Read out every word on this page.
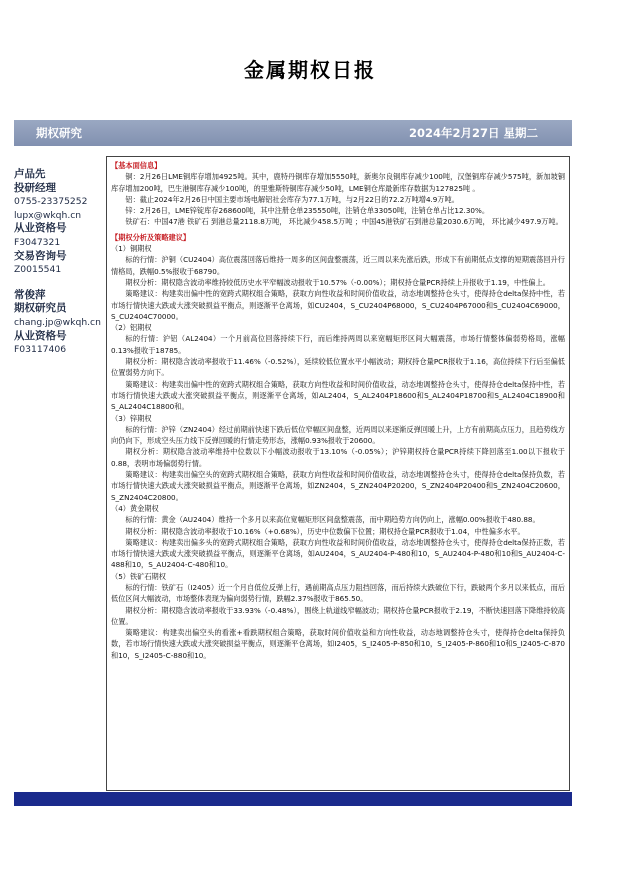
金属期权日报
期权研究	2024年2月27日 星期二
卢品先
投研经理
0755-23375252
lupx@wkqh.cn
从业资格号
F3047321
交易咨询号
Z0015541
常俊萍
期权研究员
chang.jp@wkqh.cn
从业资格号
F03117406

【基本面信息】

铜：2月26日LME铜库存增加4925吨。其中，鹿特丹铜库存增加5550吨，新奥尔良铜库存减少100吨，汉堡铜库存减少575吨，新加坡铜库存增加200吨，巴生港铜库存减少100吨，的里雅斯特铜库存减少50吨，LME铜仓库最新库存数据为127825吨 。

铝：截止2024年2月26日中国主要市场电解铝社会库存为77.1万吨，与2月22日的72.2万吨增4.9万吨。

锌：2月26日，LME锌锭库存268600吨，其中注册仓单235550吨，注销仓单33050吨，注销仓单占比12.30%。

铁矿石：中国47港 铁矿石 到港总量2118.8万吨， 环比减少458.5万吨 ；中国45港铁矿石到港总量2030.6万吨， 环比减少497.9万吨。

【期权分析及策略建议】

（1）铜期权

标的行情：沪铜（CU2404）高位震荡回落后维持一周多的区间盘整震荡，近三周以来先涨后跌，形成下有前期低点支撑的短期震荡回升行情格局，跌幅0.5%报收于68790。

期权分析：期权隐含波动率维持较低历史水平窄幅波动报收于10.57%（-0.00%）；期权持仓量PCR持续上升报收于1.19，中性偏上。

策略建议：构建卖出偏中性的宽跨式期权组合策略，获取方向性收益和时间价值收益，动态地调整持仓头寸，使得持仓delta保持中性，若市场行情快速大跌或大涨突破损益平衡点，则逐渐平仓离场，如CU2404，S_CU2404P68000，S_CU2404P67000和S_CU2404C69000，S_CU2404C70000。

（2）铝期权

标的行情：沪铝（AL2404）一个月前高位回落持续下行，而后维持两周以来宽幅矩形区间大幅震荡，市场行情整体偏弱势格局，涨幅0.13%报收于18785。

期权分析：期权隐含波动率报收于11.46%（-0.52%），延续较低位置水平小幅波动；期权持仓量PCR报收于1.16，高位持续下行后至偏低位置弱势方向下。

策略建议：构建卖出偏中性的宽跨式期权组合策略，获取方向性收益和时间价值收益，动态地调整持仓头寸，使得持仓delta保持中性，若市场行情快速大跌或大涨突破损益平衡点，则逐渐平仓离场，如AL2404，S_AL2404P18600和S_AL2404P18700和S_AL2404C18900和S_AL2404C18800和。

（3）锌期权

标的行情：沪锌（ZN2404）经过前期前快速下跌后低位窄幅区间盘整，近两周以来逐渐反弹回暖上升，上方有前期高点压力，且趋势线方向仍向下，形成空头压力线下反弹回暖的行情走势形态，涨幅0.93%报收于20600。

期权分析：期权隐含波动率维持中位数以下小幅波动报收于13.10%（-0.05%）；沪锌期权持仓量PCR持续下降回落至1.00以下报收于0.88，表明市场偏弱势行情。

策略建议：构建卖出偏空头的宽跨式期权组合策略，获取方向性收益和时间价值收益，动态地调整持仓头寸，使得持仓delta保持负数，若市场行情快速大跌或大涨突破损益平衡点，则逐渐平仓离场，如ZN2404，S_ZN2404P20200，S_ZN2404P20400和S_ZN2404C20600，S_ZN2404C20800。

（4）黄金期权

标的行情：黄金（AU2404）维持一个多月以来高位宽幅矩形区间盘整震荡，而中期趋势方向仍向上，涨幅0.00%报收于480.88。

期权分析：期权隐含波动率报收于10.16%（+0.68%），历史中位数偏下位置；期权持仓量PCR报收于1.04，中性偏多水平。

策略建议：构建卖出偏多头的宽跨式期权组合策略，获取方向性收益和时间价值收益，动态地调整持仓头寸，使得持仓delta保持正数，若市场行情快速大跌或大涨突破损益平衡点，则逐渐平仓离场，如AU2404，S_AU2404-P-480和10，S_AU2404-P-480和10和S_AU2404-C-488和10，S_AU2404-C-480和10。

（5）铁矿石期权

标的行情：铁矿石（I2405）近一个月自低位反弹上行，遇前期高点压力阻挡回落，而后持续大跌破位下行，跌破两个多月以来低点，而后低位区间大幅波动，市场整体表现为偏向弱势行情，跌幅2.37%报收于865.50。

期权分析：期权隐含波动率报收于33.93%（-0.48%），围绕上轨道线窄幅波动；期权持仓量PCR报收于2.19，不断快速回落下降维持较高位置。

策略建议：构建卖出偏空头的看涨+看跌期权组合策略，获取时间价值收益和方向性收益，动态地调整持仓头寸，使得持仓delta保持负数，若市场行情快速大跌或大涨突破损益平衡点，则逐渐平仓离场，如I2405，S_I2405-P-850和10，S_I2405-P-860和10和S_I2405-C-870和10，S_I2405-C-880和10。
